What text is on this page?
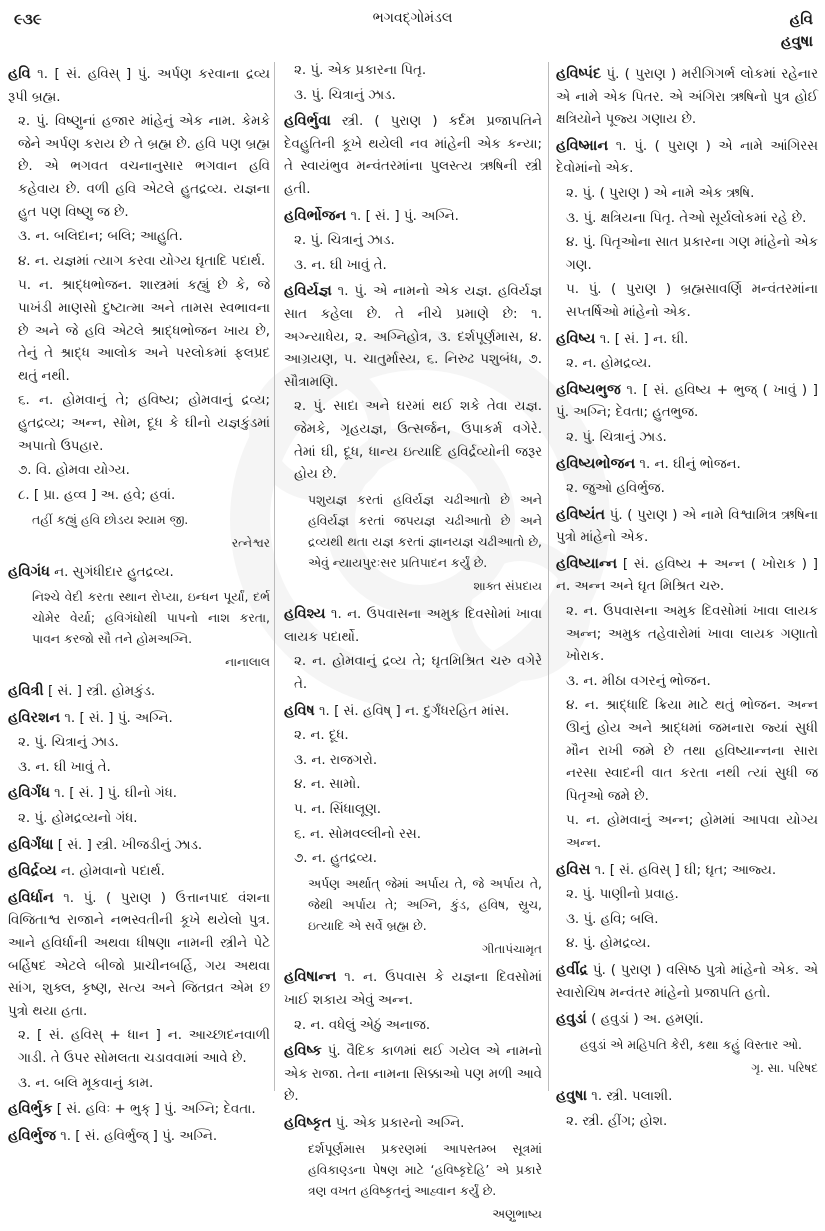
૯૩૯	ભગવદ્ગોમંડલ	હવિ
હવુષા
હવિ ૧. [ સં. હવિસ્ ] પું. અર્પણ કરવાના દ્રવ્ય રૂપી બ્રહ્મ.
૨. પું. વિષ્ણુનાં હજાર માંહેનું એક નામ. કેમકે જેને અર્પણ કરાય છે તે બ્રહ્મ છે. હવિ પણ બ્રહ્મ છે. એ ભગવત વચનાનુસાર ભગવાન હવિ કહેવાય છે. વળી હવિ એટલે હુતદ્રવ્ય. યજ્ઞના હુત પણ વિષ્ણુ જ છે.
૩. ન. બલિદાન; બલિ; આહુતિ.
૪. ન. યજ્ઞમાં ત્યાગ કરવા યોગ્ય ઘૃતાદિ પદાર્થ.
૫. ન. શ્રાદ્ધભોજન. શાસ્ત્રમાં કહ્યું છે કે, જે પાખંડી માણસો દુષ્ટાત્મા અને તામસ સ્વભાવના છે અને જે હવિ એટલે શ્રાદ્ધભોજન ખાય છે, તેનું તે શ્રાદ્ધ આલોક અને પરલોકમાં ફલપ્રદ થતું નથી.
૬. ન. હોમવાનું તે; હવિષ્ય; હોમવાનું દ્રવ્ય; હુતદ્રવ્ય; અન્ન, સોમ, દૂધ કે ઘીનો યજ્ઞકુંડમાં અપાતો ઉપહાર.
૭. વિ. હોમવા યોગ્ય.
૮. [ પ્રા. હવ્વ ] અ. હવે; હવાં.
તહીં કહ્યું હવિ છોડય શ્યામ જી.
રત્નેશ્વર
હવિગંધ ન. સુગંધીદાર હુતદ્રવ્ય.
નિશ્ચે વેદી કરતા સ્થાન રોપ્યા, ઇન્ધન પૂર્યાં, દર્ભ ચોમેર વેર્યા; હવિગંધોથી પાપનો નાશ કરતા, પાવન કરજો સૌ તને હોમઅગ્નિ.
નાનાલાલ
હવિત્રી [ સં. ] સ્ત્રી. હોમકુંડ.
હવિરશન ૧. [ સં. ] પું. અગ્નિ.
૨. પું. ચિત્રાનું ઝાડ.
૩. ન. ઘી ખાવું તે.
હવિર્ગંધ ૧. [ સં. ] પું. ઘીનો ગંધ.
૨. પું. હોમદ્રવ્યનો ગંધ.
હવિર્ગંધા [ સં. ] સ્ત્રી. ખીજડીનું ઝાડ.
હવિર્દ્રવ્ય ન. હોમવાનો પદાર્થ.
હવિર્ધાન ૧. પું. ( પુરાણ ) ઉત્તાનપાદ વંશના વિજિતાશ્વ રાજાને નભસ્વતીની કૂખે થયેલો પુત્ર. આને હવિર્ધાની અથવા ધીષણા નામની સ્ત્રીને પેટે બર્હિષદ એટલે બીજો પ્રાચીનબર્હિ, ગય અથવા સાંગ, શુક્લ, કૃષ્ણ, સત્ય અને જિતવ્રત એમ છ પુત્રો થયા હતા.
૨. [ સં. હવિસ્ + ધાન ] ન. આચ્છાદનવાળી ગાડી. તે ઉપર સોમલતા ચડાવવામાં આવે છે.
૩. ન. બલિ મૂકવાનું કામ.
હવિર્ભુક [ સં. હવિઃ + ભુક્ ] પું. અગ્નિ; દેવતા.
હવિર્ભુજ ૧. [ સં. હવિર્ભુજ્ ] પું. અગ્નિ.
૨. પું. એક પ્રકારના પિતૃ.
૩. પું. ચિત્રાનું ઝાડ.
હવિર્ભુવા સ્ત્રી. ( પુરાણ ) કર્દમ પ્રજાપતિને દેવહુતિની કૂખે થયેલી નવ માંહેની એક કન્યા; તે સ્વાયંભુવ મન્વંતરમાંના પુલસ્ત્ય ઋષિની સ્ત્રી હતી.
હવિર્ભોજન ૧. [ સં. ] પું. અગ્નિ.
૨. પું. ચિત્રાનું ઝાડ.
૩. ન. ઘી ખાવું તે.
હવિર્યજ્ઞ ૧. પું. એ નામનો એક યજ્ઞ. હવિર્યજ્ઞ સાત કહેલા છે. તે નીચે પ્રમાણે છે: ૧. અગ્ન્યાધેય, ૨. અગ્નિહોત્ર, ૩. દર્શપૂર્ણમાસ, ૪. આગ્રયણ, ૫. ચાતુર્માસ્ય, ૬. નિરુઢ પશુબંધ, ૭. સૌત્રામણિ.
૨. પું. સાદા અને ઘરમાં થઈ શકે તેવા યજ્ઞ. જેમકે, ગૃહયજ્ઞ, ઉત્સર્જન, ઉપાકર્મ વગેરે. તેમાં ઘી, દૂધ, ધાન્ય ઇત્યાદિ હવિર્દ્રવ્યોની જરૂર હોય છે.
પશુયજ્ઞ કરતાં હવિર્યજ્ઞ ચઢીઆતો છે અને હવિર્યજ્ઞ કરતાં જપયજ્ઞ ચઢીઆતો છે અને દ્રવ્યથી થતા યજ્ઞ કરતાં જ્ઞાનયજ્ઞ ચઢીઆતો છે, એવું ન્યાયપુરઃસર પ્રતિપાદન કર્યું છે.
શાક્ત સંપ્રદાય
હવિશ્ય ૧. ન. ઉપવાસના અમુક દિવસોમાં ખાવા લાયક પદાર્થો.
૨. ન. હોમવાનું દ્રવ્ય તે; ઘૃતમિશ્રિત ચરુ વગેરે તે.
હવિષ ૧. [ સં. હવિષ્ ] ન. દુર્ગંધરહિત માંસ.
૨. ન. દૂધ.
૩. ન. રાજગરો.
૪. ન. સામો.
૫. ન. સિંધાલૂણ.
૬. ન. સોમવલ્લીનો રસ.
૭. ન. હુતદ્રવ્ય.
અર્પણ અર્થાત્ જેમાં અર્પાય તે, જે અર્પાય તે, જેથી અર્પાય તે; અગ્નિ, કુંડ, હવિષ, સ્રુચ, ઇત્યાદિ એ સર્વે બ્રહ્મ છે.
ગીતાપંચામૃત
હવિષાન્ન ૧. ન. ઉપવાસ કે યજ્ઞના દિવસોમાં ખાઈ શકાય એવું અન્ન.
૨. ન. વધેલું એઠું અનાજ.
હવિષ્ક પું. વૈદિક કાળમાં થઈ ગયેલ એ નામનો એક રાજા. તેના નામના સિક્કાઓ પણ મળી આવે છે.
હવિષ્કૃત પું. એક પ્રકારનો અગ્નિ.
દર્શપૂર્ણમાસ પ્રકરણમાં આપસ્તમ્બ સૂત્રમાં હવિકાણ્ડના પેષણ માટે ‘હવિષ્કૃદેહિ’ એ પ્રકારે ત્રણ વખત હવિષ્કૃતનું આહ્વાન કર્યું છે.
અણુભાષ્ય
હવિષ્પંદ પું. ( પુરાણ ) મરીગિગર્ભ લોકમાં રહેનાર એ નામે એક પિતર. એ અંગિરા ઋષિનો પુત્ર હોઈ ક્ષત્રિયોને પૂજ્ય ગણાય છે.
હવિષ્માન ૧. પું. ( પુરાણ ) એ નામે આંગિરસ દેવોમાંનો એક.
૨. પું. ( પુરાણ ) એ નામે એક ઋષિ.
૩. પું. ક્ષત્રિયના પિતૃ. તેઓ સૂર્યલોકમાં રહે છે.
૪. પું. પિતૃઓના સાત પ્રકારના ગણ માંહેનો એક ગણ.
૫. પું. ( પુરાણ ) બ્રહ્મસાવર્ણિ મન્વંતરમાંના સપ્તર્ષિઓ માંહેનો એક.
હવિષ્ય ૧. [ સં. ] ન. ઘી.
૨. ન. હોમદ્રવ્ય.
હવિષ્યભુજ ૧. [ સં. હવિષ્ય + ભુજ્ ( ખાવું ) ] પું. અગ્નિ; દેવતા; હુતભુજ.
૨. પું. ચિત્રાનું ઝાડ.
હવિષ્યભોજન ૧. ન. ઘીનું ભોજન.
૨. જુઓ હવિર્ભુજ.
હવિષ્યંત પું. ( પુરાણ ) એ નામે વિશ્વામિત્ર ઋષિના પુત્રો માંહેનો એક.
હવિષ્યાન્ન [ સં. હવિષ્ય + અન્ન ( ખોરાક ) ] ન. અન્ન અને ઘૃત મિશ્રિત ચરુ.
૨. ન. ઉપવાસના અમુક દિવસોમાં ખાવા લાયક અન્ન; અમુક તહેવારોમાં ખાવા લાયક ગણાતો ખોરાક.
૩. ન. મીઠા વગરનું ભોજન.
૪. ન. શ્રાદ્ધાદિ ક્રિયા માટે થતું ભોજન. અન્ન ઊનું હોય અને શ્રાદ્ધમાં જમનારા જ્યાં સુધી મૌન રાખી જમે છે તથા હવિષ્યાન્નના સારા નરસા સ્વાદની વાત કરતા નથી ત્યાં સુધી જ પિતૃઓ જમે છે.
૫. ન. હોમવાનું અન્ન; હોમમાં આપવા યોગ્ય અન્ન.
હવિસ ૧. [ સં. હવિસ્ ] ઘી; ઘૃત; આજ્ય.
૨. પું. પાણીનો પ્રવાહ.
૩. પું. હવિ; બલિ.
૪. પું. હોમદ્રવ્ય.
હવીંદ્ર પું. ( પુરાણ ) વસિષ્ઠ પુત્રો માંહેનો એક. એ સ્વારોચિષ મન્વંતર માંહેનો પ્રજાપતિ હતો.
હવુડાં ( હવુડાં ) અ. હમણાં.
હવુડાં એ મહિપતિ કેરી, કથા કહું વિસ્તાર ઓ.
ગૃ. સા. પરિષદ
હવુષા ૧. સ્ત્રી. પલાશી.
૨. સ્ત્રી. હીંગ; હોશ.
